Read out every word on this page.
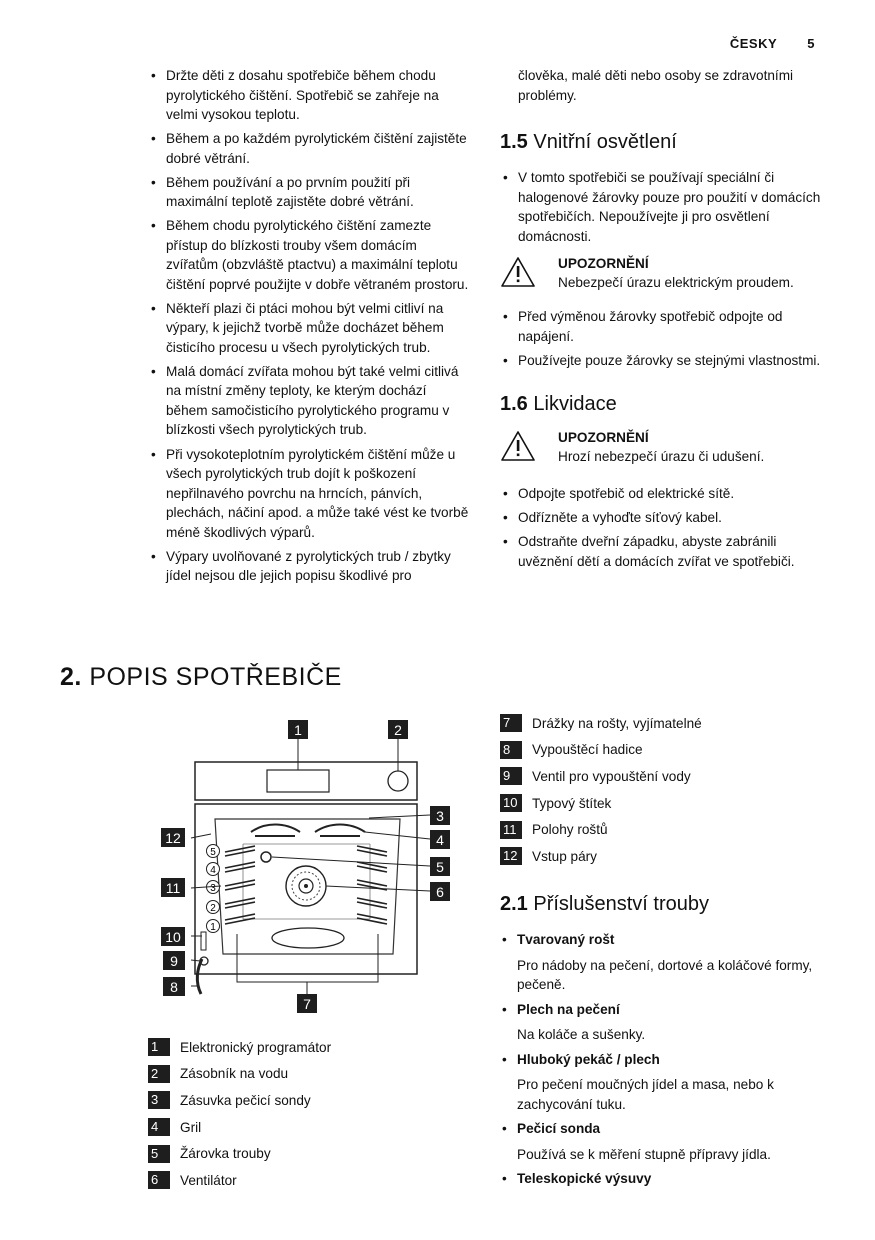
ČESKY 5
• Držte děti z dosahu spotřebiče během chodu pyrolytického čištění. Spotřebič se zahřeje na velmi vysokou teplotu.
• Během a po každém pyrolytickém čištění zajistěte dobré větrání.
• Během používání a po prvním použití při maximální teplotě zajistěte dobré větrání.
• Během chodu pyrolytického čištění zamezte přístup do blízkosti trouby všem domácím zvířatům (obzvláště ptactvu) a maximální teplotu čištění poprvé použijte v dobře větraném prostoru.
• Někteří plazi či ptáci mohou být velmi citliví na výpary, k jejichž tvorbě může docházet během čisticího procesu u všech pyrolytických trub.
• Malá domácí zvířata mohou být také velmi citlivá na místní změny teploty, ke kterým dochází během samočisticího pyrolytického programu v blízkosti všech pyrolytických trub.
• Při vysokoteplotním pyrolytickém čištění může u všech pyrolytických trub dojít k poškození nepřilnavého povrchu na hrncích, pánvích, plechách, náčiní apod. a může také vést ke tvorbě méně škodlivých výparů.
• Výpary uvolňované z pyrolytických trub / zbytky jídel nejsou dle jejich popisu škodlivé pro
člověka, malé děti nebo osoby se zdravotními problémy.
1.5 Vnitřní osvětlení
• V tomto spotřebiči se používají speciální či halogenové žárovky pouze pro použití v domácích spotřebičích. Nepoužívejte ji pro osvětlení domácnosti.
UPOZORNĚNÍ
Nebezpečí úrazu elektrickým proudem.
• Před výměnou žárovky spotřebič odpojte od napájení.
• Používejte pouze žárovky se stejnými vlastnostmi.
1.6 Likvidace
UPOZORNĚNÍ
Hrozí nebezpečí úrazu či udušení.
• Odpojte spotřebič od elektrické sítě.
• Odřízněte a vyhoďte síťový kabel.
• Odstraňte dveřní západku, abyste zabránili uvěznění dětí a domácích zvířat ve spotřebiči.
2. POPIS SPOTŘEBIČE
5
4
3
2
1
1	2
3
4
5
6
7
8
9
10
11
12
1	Elektronický programátor
2	Zásobník na vodu
3	Zásuvka pečicí sondy
4	Gril
5	Žárovka trouby
6	Ventilátor
7	Drážky na rošty, vyjímatelné
8	Vypouštěcí hadice
9	Ventil pro vypouštění vody
10	Typový štítek
11	Polohy roštů
12	Vstup páry
2.1 Příslušenství trouby
• Tvarovaný rošt
Pro nádoby na pečení, dortové a koláčové formy, pečeně.
• Plech na pečení
Na koláče a sušenky.
• Hluboký pekáč / plech
Pro pečení moučných jídel a masa, nebo k zachycování tuku.
• Pečicí sonda
Používá se k měření stupně přípravy jídla.
• Teleskopické výsuvy
